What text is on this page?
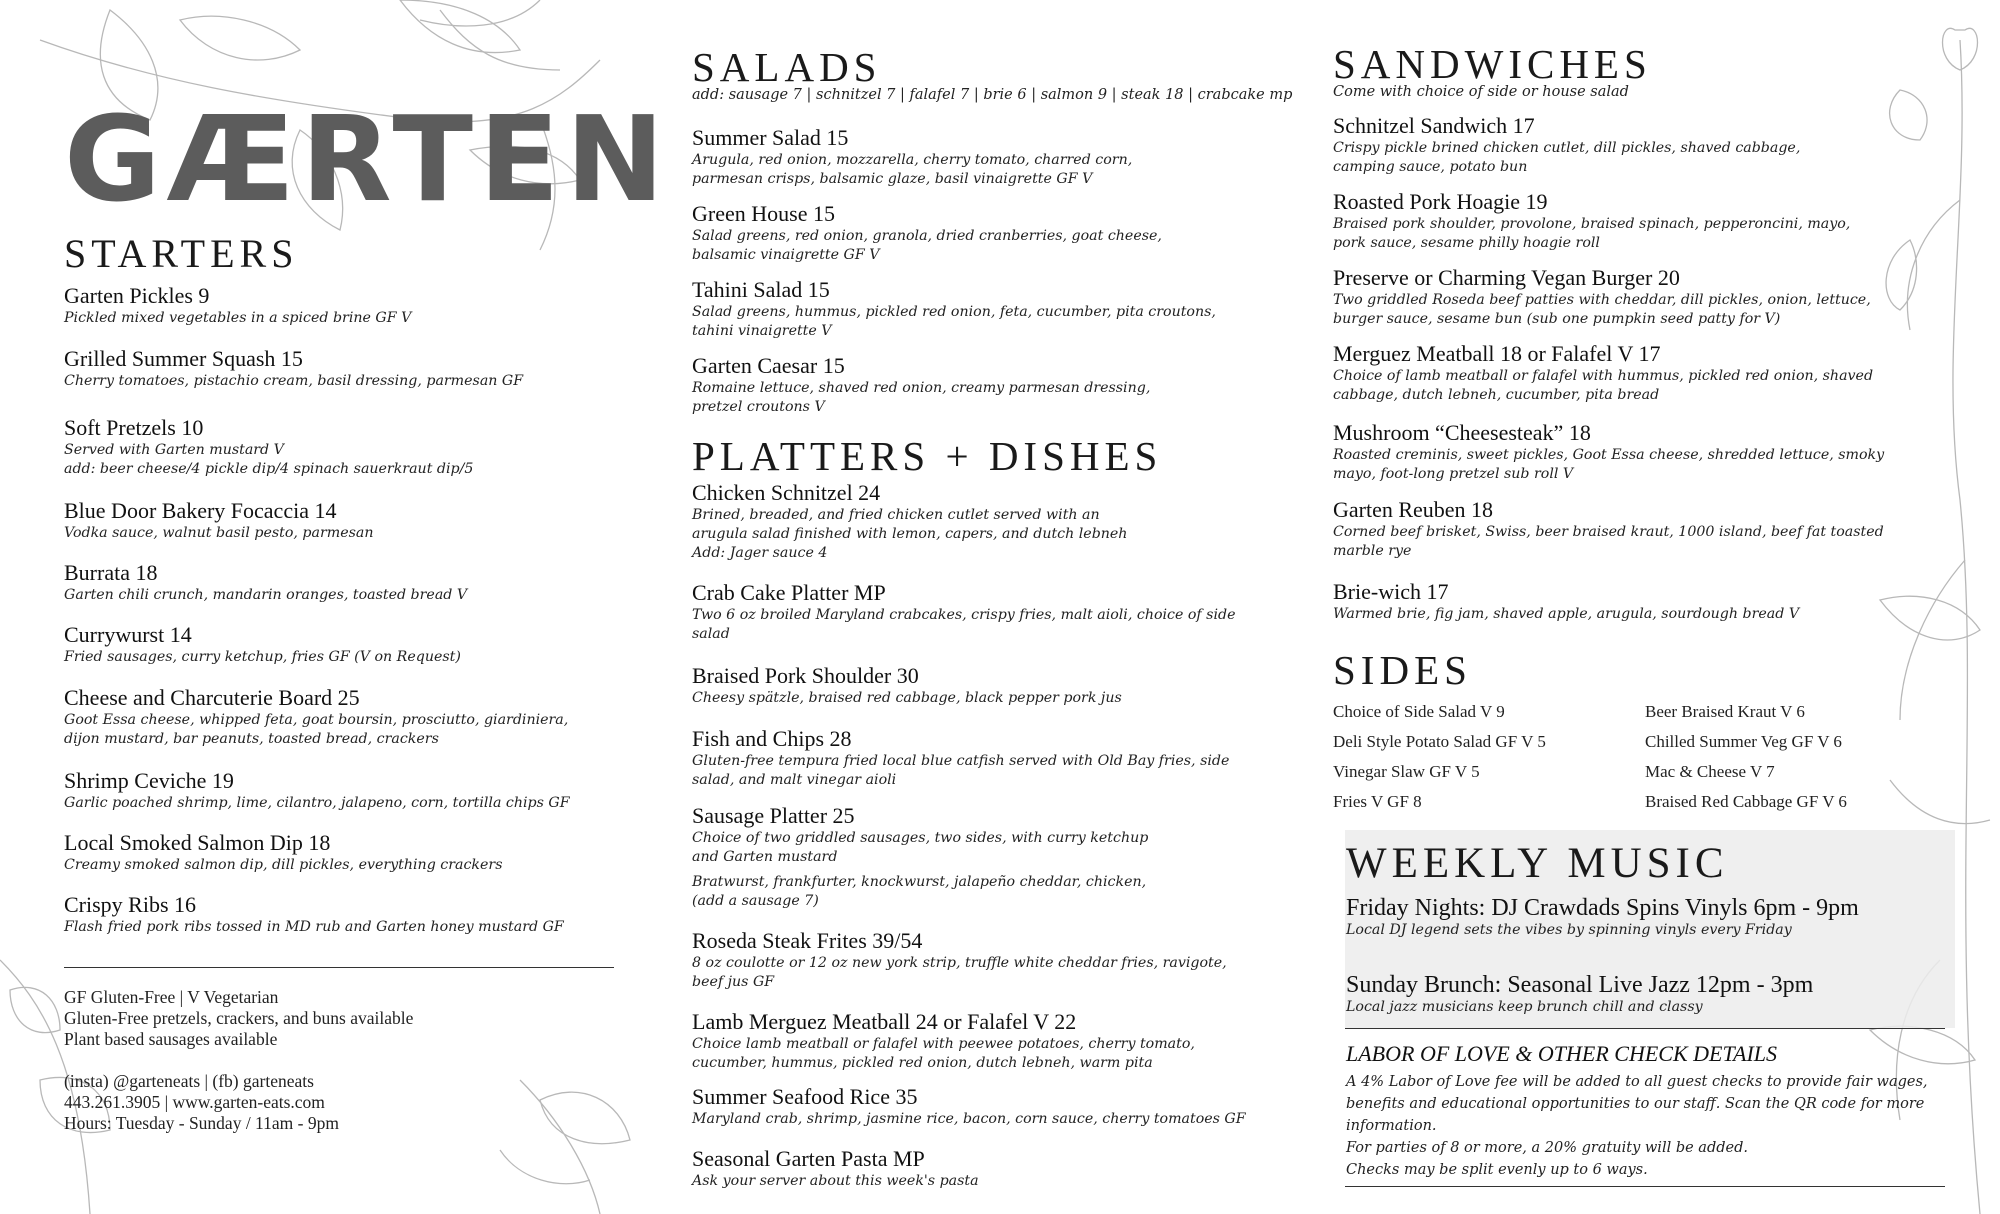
GÆRTEN
STARTERS
Garten Pickles 9
Pickled mixed vegetables in a spiced brine GF V
Grilled Summer Squash 15
Cherry tomatoes, pistachio cream, basil dressing, parmesan GF
Soft Pretzels 10
Served with Garten mustard V
add: beer cheese/4 pickle dip/4 spinach sauerkraut dip/5
Blue Door Bakery Focaccia 14
Vodka sauce, walnut basil pesto, parmesan
Burrata 18
Garten chili crunch, mandarin oranges, toasted bread V
Currywurst 14
Fried sausages, curry ketchup, fries GF (V on Request)
Cheese and Charcuterie Board 25
Goot Essa cheese, whipped feta, goat boursin, prosciutto, giardiniera,
dijon mustard, bar peanuts, toasted bread, crackers
Shrimp Ceviche 19
Garlic poached shrimp, lime, cilantro, jalapeno, corn, tortilla chips GF
Local Smoked Salmon Dip 18
Creamy smoked salmon dip, dill pickles, everything crackers
Crispy Ribs 16
Flash fried pork ribs tossed in MD rub and Garten honey mustard GF
GF Gluten-Free | V Vegetarian
Gluten-Free pretzels, crackers, and buns available
Plant based sausages available

(insta) @garteneats | (fb) garteneats
443.261.3905 | www.garten-eats.com
Hours: Tuesday - Sunday / 11am - 9pm
SALADS
add: sausage 7 | schnitzel 7 | falafel 7 | brie 6 | salmon 9 | steak 18 | crabcake mp
Summer Salad 15
Arugula, red onion, mozzarella, cherry tomato, charred corn,
parmesan crisps, balsamic glaze, basil vinaigrette GF V
Green House 15
Salad greens, red onion, granola, dried cranberries, goat cheese,
balsamic vinaigrette GF V
Tahini Salad 15
Salad greens, hummus, pickled red onion, feta, cucumber, pita croutons,
tahini vinaigrette V
Garten Caesar 15
Romaine lettuce, shaved red onion, creamy parmesan dressing,
pretzel croutons V
PLATTERS + DISHES
Chicken Schnitzel 24
Brined, breaded, and fried chicken cutlet served with an
arugula salad finished with lemon, capers, and dutch lebneh
Add: Jager sauce 4
Crab Cake Platter MP
Two 6 oz broiled Maryland crabcakes, crispy fries, malt aioli, choice of side
salad
Braised Pork Shoulder 30
Cheesy spätzle, braised red cabbage, black pepper pork jus
Fish and Chips 28
Gluten-free tempura fried local blue catfish served with Old Bay fries, side
salad, and malt vinegar aioli
Sausage Platter 25
Choice of two griddled sausages, two sides, with curry ketchup
and Garten mustard
Bratwurst, frankfurter, knockwurst, jalapeño cheddar, chicken,
(add a sausage 7)
Roseda Steak Frites 39/54
8 oz coulotte or 12 oz new york strip, truffle white cheddar fries, ravigote,
beef jus GF
Lamb Merguez Meatball 24 or Falafel V 22
Choice lamb meatball or falafel with peewee potatoes, cherry tomato,
cucumber, hummus, pickled red onion, dutch lebneh, warm pita
Summer Seafood Rice 35
Maryland crab, shrimp, jasmine rice, bacon, corn sauce, cherry tomatoes GF
Seasonal Garten Pasta MP
Ask your server about this week's pasta
SANDWICHES
Come with choice of side or house salad
Schnitzel Sandwich 17
Crispy pickle brined chicken cutlet, dill pickles, shaved cabbage,
camping sauce, potato bun
Roasted Pork Hoagie 19
Braised pork shoulder, provolone, braised spinach, pepperoncini, mayo,
pork sauce, sesame philly hoagie roll
Preserve or Charming Vegan Burger 20
Two griddled Roseda beef patties with cheddar, dill pickles, onion, lettuce,
burger sauce, sesame bun (sub one pumpkin seed patty for V)
Merguez Meatball 18 or Falafel V 17
Choice of lamb meatball or falafel with hummus, pickled red onion, shaved
cabbage, dutch lebneh, cucumber, pita bread
Mushroom “Cheesesteak” 18
Roasted creminis, sweet pickles, Goot Essa cheese, shredded lettuce, smoky
mayo, foot-long pretzel sub roll V
Garten Reuben 18
Corned beef brisket, Swiss, beer braised kraut, 1000 island, beef fat toasted
marble rye
Brie-wich 17
Warmed brie, fig jam, shaved apple, arugula, sourdough bread V
SIDES
Choice of Side Salad V 9
Deli Style Potato Salad GF V 5
Vinegar Slaw GF V 5
Fries V GF 8
Beer Braised Kraut V 6
Chilled Summer Veg GF V 6
Mac & Cheese V 7
Braised Red Cabbage GF V 6
WEEKLY MUSIC
Friday Nights: DJ Crawdads Spins Vinyls 6pm - 9pm
Local DJ legend sets the vibes by spinning vinyls every Friday
Sunday Brunch: Seasonal Live Jazz 12pm - 3pm
Local jazz musicians keep brunch chill and classy
LABOR OF LOVE & OTHER CHECK DETAILS
A 4% Labor of Love fee will be added to all guest checks to provide fair wages,
benefits and educational opportunities to our staff. Scan the QR code for more
information.
For parties of 8 or more, a 20% gratuity will be added.
Checks may be split evenly up to 6 ways.
